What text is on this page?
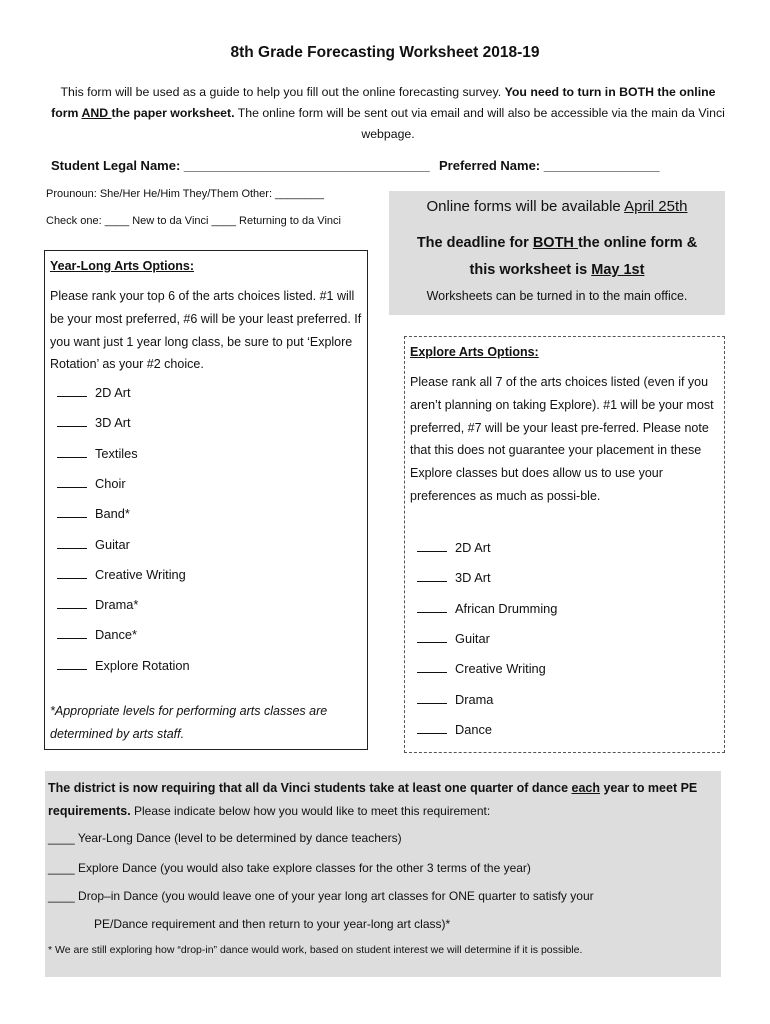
8th Grade Forecasting Worksheet 2018-19
This form will be used as a guide to help you fill out the online forecasting survey. You need to turn in BOTH the online form AND the paper worksheet. The online form will be sent out via email and will also be accessible via the main da Vinci webpage.
Student Legal Name: __________________________________ Preferred Name: ________________
Prounoun: She/Her He/Him They/Them Other: ________
Check one: ____ New to da Vinci ____ Returning to da Vinci
Online forms will be available April 25th
The deadline for BOTH the online form &
this worksheet is May 1st
Worksheets can be turned in to the main office.
Year-Long Arts Options:
Please rank your top 6 of the arts choices listed. #1 will be your most preferred, #6 will be your least preferred. If you want just 1 year long class, be sure to put ‘Explore Rotation’ as your #2 choice.
2D Art
3D Art
Textiles
Choir
Band*
Guitar
Creative Writing
Drama*
Dance*
Explore Rotation
*Appropriate levels for performing arts classes are determined by arts staff.
Explore Arts Options:
Please rank all 7 of the arts choices listed (even if you aren’t planning on taking Explore). #1 will be your most preferred, #7 will be your least pre-ferred. Please note that this does not guarantee your placement in these Explore classes but does allow us to use your preferences as much as possi-ble.
2D Art
3D Art
African Drumming
Guitar
Creative Writing
Drama
Dance
The district is now requiring that all da Vinci students take at least one quarter of dance each year to meet PE requirements. Please indicate below how you would like to meet this requirement:
____ Year-Long Dance (level to be determined by dance teachers)
____ Explore Dance (you would also take explore classes for the other 3 terms of the year)
____ Drop–in Dance (you would leave one of your year long art classes for ONE quarter to satisfy your
PE/Dance requirement and then return to your year-long art class)*
* We are still exploring how “drop-in” dance would work, based on student interest we will determine if it is possible.
